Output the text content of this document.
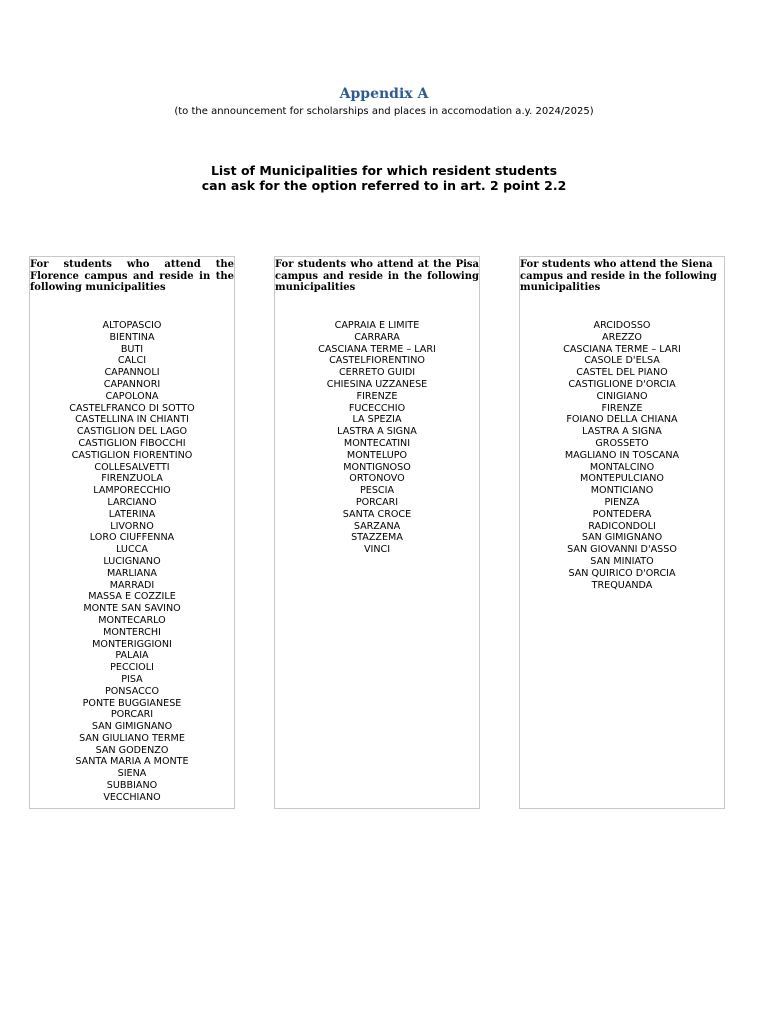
Appendix A
(to the announcement for scholarships and places in accomodation a.y. 2024/2025)
List of Municipalities for which resident students
can ask for the option referred to in art. 2 point 2.2
For students who attend the Florence campus and reside in the following municipalities
ALTOPASCIO
BIENTINA
BUTI
CALCI
CAPANNOLI
CAPANNORI
CAPOLONA
CASTELFRANCO DI SOTTO
CASTELLINA IN CHIANTI
CASTIGLION DEL LAGO
CASTIGLION FIBOCCHI
CASTIGLION FIORENTINO
COLLESALVETTI
FIRENZUOLA
LAMPORECCHIO
LARCIANO
LATERINA
LIVORNO
LORO CIUFFENNA
LUCCA
LUCIGNANO
MARLIANA
MARRADI
MASSA E COZZILE
MONTE SAN SAVINO
MONTECARLO
MONTERCHI
MONTERIGGIONI
PALAIA
PECCIOLI
PISA
PONSACCO
PONTE BUGGIANESE
PORCARI
SAN GIMIGNANO
SAN GIULIANO TERME
SAN GODENZO
SANTA MARIA A MONTE
SIENA
SUBBIANO
VECCHIANO
For students who attend at the Pisa campus and reside in the following municipalities
CAPRAIA E LIMITE
CARRARA
CASCIANA TERME – LARI
CASTELFIORENTINO
CERRETO GUIDI
CHIESINA UZZANESE
FIRENZE
FUCECCHIO
LA SPEZIA
LASTRA A SIGNA
MONTECATINI
MONTELUPO
MONTIGNOSO
ORTONOVO
PESCIA
PORCARI
SANTA CROCE
SARZANA
STAZZEMA
VINCI
For students who attend the Siena campus and reside in the following municipalities
ARCIDOSSO
AREZZO
CASCIANA TERME – LARI
CASOLE D'ELSA
CASTEL DEL PIANO
CASTIGLIONE D'ORCIA
CINIGIANO
FIRENZE
FOIANO DELLA CHIANA
LASTRA A SIGNA
GROSSETO
MAGLIANO IN TOSCANA
MONTALCINO
MONTEPULCIANO
MONTICIANO
PIENZA
PONTEDERA
RADICONDOLI
SAN GIMIGNANO
SAN GIOVANNI D'ASSO
SAN MINIATO
SAN QUIRICO D'ORCIA
TREQUANDA
